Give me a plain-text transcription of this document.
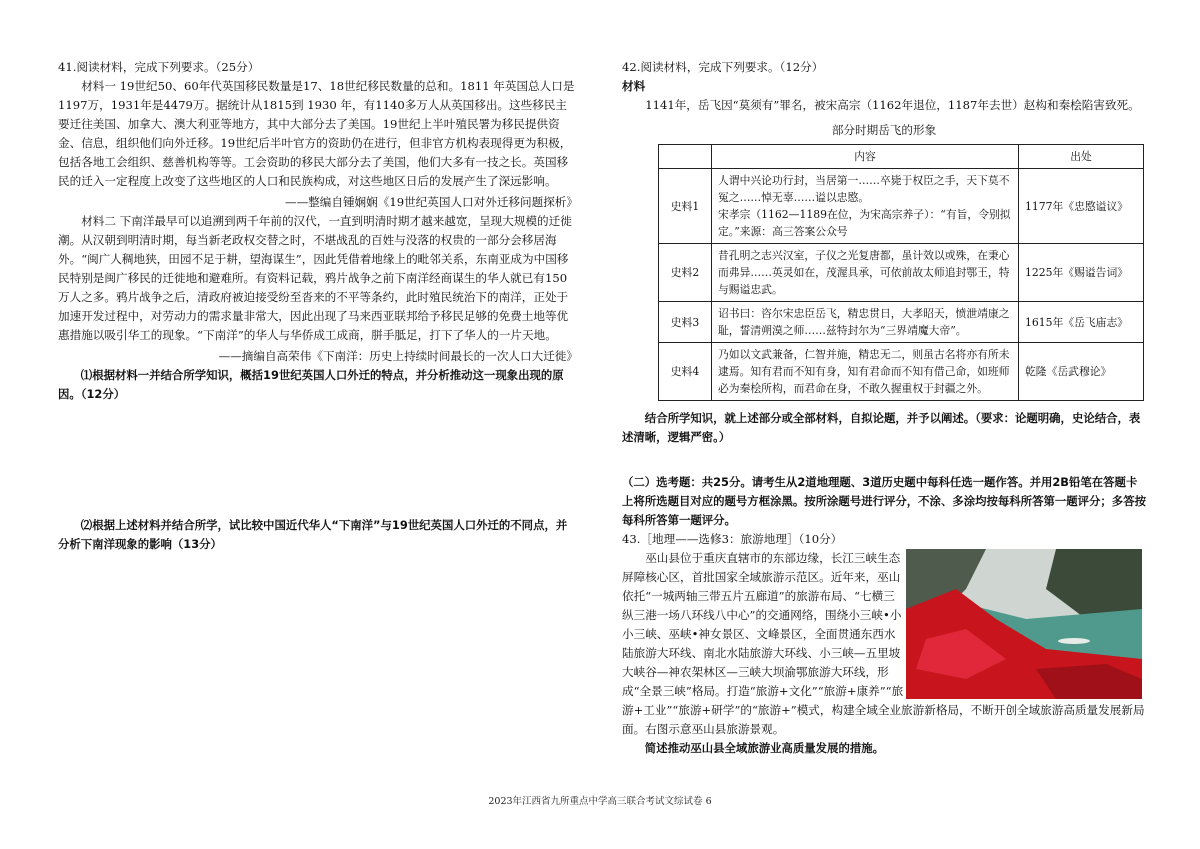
41.阅读材料，完成下列要求。（25分）

材料一 19世纪50、60年代英国移民数量是17、18世纪移民数量的总和。1811 年英国总人口是1197万，1931年是4479万。据统计从1815到 1930 年，有1140多万人从英国移出。这些移民主要迁往美国、加拿大、澳大利亚等地方，其中大部分去了美国。19世纪上半叶殖民署为移民提供资金、信息，组织他们向外迁移。19世纪后半叶官方的资助仍在进行，但非官方机构表现得更为积极，包括各地工会组织、慈善机构等等。工会资助的移民大部分去了美国，他们大多有一技之长。英国移民的迁入一定程度上改变了这些地区的人口和民族构成，对这些地区日后的发展产生了深远影响。

——整编自锺娴娴《19世纪英国人口对外迁移问题探析》

材料二 下南洋最早可以追溯到两千年前的汉代，一直到明清时期才越来越宽，呈现大规模的迁徙潮。从汉朝到明清时期，每当新老政权交替之时，不堪战乱的百姓与没落的权贵的一部分会移居海外。“闽广人稠地狭，田园不足于耕，望海谋生”，因此凭借着地缘上的毗邻关系，东南亚成为中国移民特别是闽广移民的迁徙地和避难所。有资料记载，鸦片战争之前下南洋经商谋生的华人就已有150万人之多。鸦片战争之后，清政府被迫接受纷至沓来的不平等条约，此时殖民统治下的南洋，正处于加速开发过程中，对劳动力的需求量非常大，因此出现了马来西亚联邦给予移民足够的免费土地等优惠措施以吸引华工的现象。“下南洋”的华人与华侨成工成商，胼手胝足，打下了华人的一片天地。

——摘编自高荣伟《下南洋：历史上持续时间最长的一次人口大迁徙》

⑴根据材料一并结合所学知识，概括19世纪英国人口外迁的特点，并分析推动这一现象出现的原因。（12分）

⑵根据上述材料并结合所学，试比较中国近代华人“下南洋”与19世纪英国人口外迁的不同点，并分析下南洋现象的影响（13分）

42.阅读材料，完成下列要求。（12分）

材料

1141年，岳飞因“莫须有”罪名，被宋高宗（1162年退位，1187年去世）赵构和秦桧陷害致死。

部分时期岳飞的形象

	内容	出处
史料1	人谓中兴论功行封，当居第一……卒毙于权臣之手，天下莫不冤之……悼无辜……谥以忠愍。
宋孝宗（1162—1189在位，为宋高宗养子）：“有旨，令别拟定。”来源：高三答案公众号	1177年《忠愍谥议》
史料2	昔孔明之志兴汉室，子仪之光复唐都，虽计效以或殊，在秉心而弗异……英灵如在，茂渥具承，可依前故太师追封鄂王，特与赐谥忠武。	1225年《赐谥告词》
史料3	诏书曰：咨尔宋忠臣岳飞，精忠贯日，大孝昭天，愤泄靖康之耻，誓清朔漠之师……兹特封尔为“三界靖魔大帝”。	1615年《岳飞庙志》
史料4	乃如以文武兼备，仁智并施，精忠无二，则虽古名将亦有所未逮焉。知有君而不知有身，知有君命而不知有借己命，如班师必为秦桧所构，而君命在身，不敢久握重权于封疆之外。	乾隆《岳武穆论》

结合所学知识，就上述部分或全部材料，自拟论题，并予以阐述。（要求：论题明确，史论结合，表述清晰，逻辑严密。）

（二）选考题：共25分。请考生从2道地理题、3道历史题中每科任选一题作答。并用2B铅笔在答题卡上将所选题目对应的题号方框涂黑。按所涂题号进行评分，不涂、多涂均按每科所答第一题评分；多答按每科所答第一题评分。

43.［地理——选修3：旅游地理］（10分）

巫山县位于重庆直辖市的东部边缘，长江三峡生态屏障核心区，首批国家全域旅游示范区。近年来，巫山依托“一城两轴三带五片五廊道”的旅游布局、“七横三纵三港一场八环线八中心”的交通网络，围绕小三峡•小小三峡、巫峡•神女景区、文峰景区，全面贯通东西水陆旅游大环线、南北水陆旅游大环线、小三峡—五里坡大峡谷—神农架林区—三峡大坝渝鄂旅游大环线，形成“全景三峡”格局。打造“旅游+文化”“旅游+康养”“旅游+工业”“旅游+研学”的“旅游+”模式，构建全域全业旅游新格局，不断开创全域旅游高质量发展新局面。右图示意巫山县旅游景观。

简述推动巫山县全域旅游业高质量发展的措施。

2023年江西省九所重点中学高三联合考试文综试卷 6
